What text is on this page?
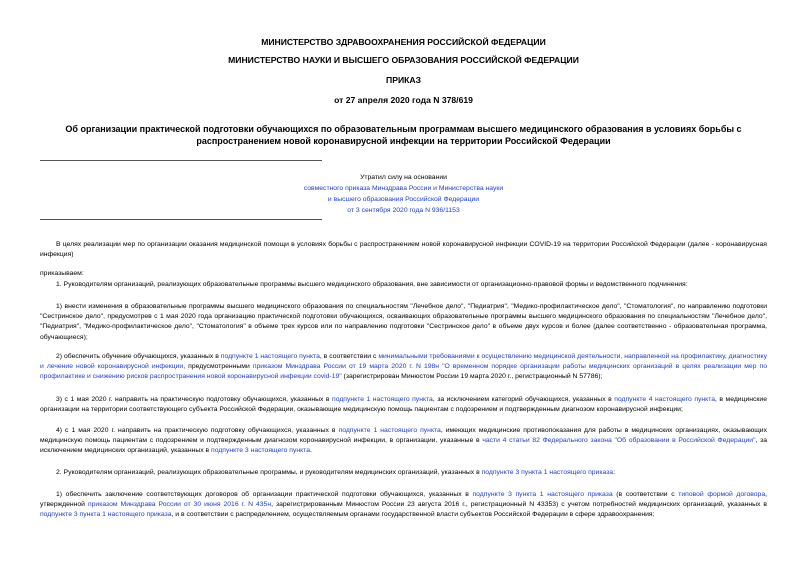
МИНИСТЕРСТВО ЗДРАВООХРАНЕНИЯ РОССИЙСКОЙ ФЕДЕРАЦИИ
МИНИСТЕРСТВО НАУКИ И ВЫСШЕГО ОБРАЗОВАНИЯ РОССИЙСКОЙ ФЕДЕРАЦИИ
ПРИКАЗ
от 27 апреля 2020 года N 378/619
Об организации практической подготовки обучающихся по образовательным программам высшего медицинского образования в условиях борьбы с распространением новой коронавирусной инфекции на территории Российской Федерации
Утратил силу на основании
совместного приказа Минздрава России и Министерства науки
и высшего образования Российской Федерации
от 3 сентября 2020 года N 936/1153
В целях реализации мер по организации оказания медицинской помощи в условиях борьбы с распространением новой коронавирусной инфекции COVID-19 на территории Российской Федерации (далее - коронавирусная инфекция)
приказываем:
1. Руководителям организаций, реализующих образовательные программы высшего медицинского образования, вне зависимости от организационно-правовой формы и ведомственного подчинения:
1) внести изменения в образовательные программы высшего медицинского образования по специальностям "Лечебное дело", "Педиатрия", "Медико-профилактическое дело", "Стоматология", по направлению подготовки "Сестринское дело", предусмотрев с 1 мая 2020 года организацию практической подготовки обучающихся, осваивающих образовательные программы высшего медицинского образования по специальностям "Лечебное дело", "Педиатрия", "Медико-профилактическое дело", "Стоматология" в объеме трех курсов или по направлению подготовки "Сестринское дело" в объеме двух курсов и более (далее соответственно - образовательная программа, обучающиеся);
2) обеспечить обучение обучающихся, указанных в подпункте 1 настоящего пункта, в соответствии с минимальными требованиями к осуществлению медицинской деятельности, направленной на профилактику, диагностику и лечение новой коронавирусной инфекции, предусмотренными приказом Минздрава России от 19 марта 2020 г. N 198н "О временном порядке организации работы медицинских организаций в целях реализации мер по профилактике и снижению рисков распространения новой коронавирусной инфекции covid-19" (зарегистрирован Минюстом России 19 марта 2020 г., регистрационный N 57786);
3) с 1 мая 2020 г. направить на практическую подготовку обучающихся, указанных в подпункте 1 настоящего пункта, за исключением категорий обучающихся, указанных в подпункте 4 настоящего пункта, в медицинские организации на территории соответствующего субъекта Российской Федерации, оказывающие медицинскую помощь пациентам с подозрением и подтвержденным диагнозом коронавирусной инфекции;
4) с 1 мая 2020 г. направить на практическую подготовку обучающихся, указанных в подпункте 1 настоящего пункта, имеющих медицинские противопоказания для работы в медицинских организациях, оказывающих медицинскую помощь пациентам с подозрением и подтвержденным диагнозом коронавирусной инфекции, в организации, указанные в части 4 статьи 82 Федерального закона "Об образовании в Российской Федерации", за исключением медицинских организаций, указанных в подпункте 3 настоящего пункта.
2. Руководителям организаций, реализующих образовательные программы, и руководителям медицинских организаций, указанных в подпункте 3 пункта 1 настоящего приказа:
1) обеспечить заключение соответствующих договоров об организации практической подготовки обучающихся, указанных в подпункте 3 пункта 1 настоящего приказа (в соответствии с типовой формой договора, утвержденной приказом Минздрава России от 30 июня 2016 г. N 435н, зарегистрированным Минюстом России 23 августа 2016 г., регистрационный N 43353) с учетом потребностей медицинских организаций, указанных в подпункте 3 пункта 1 настоящего приказа, и в соответствии с распределением, осуществляемым органами государственной власти субъектов Российской Федерации в сфере здравоохранения;
